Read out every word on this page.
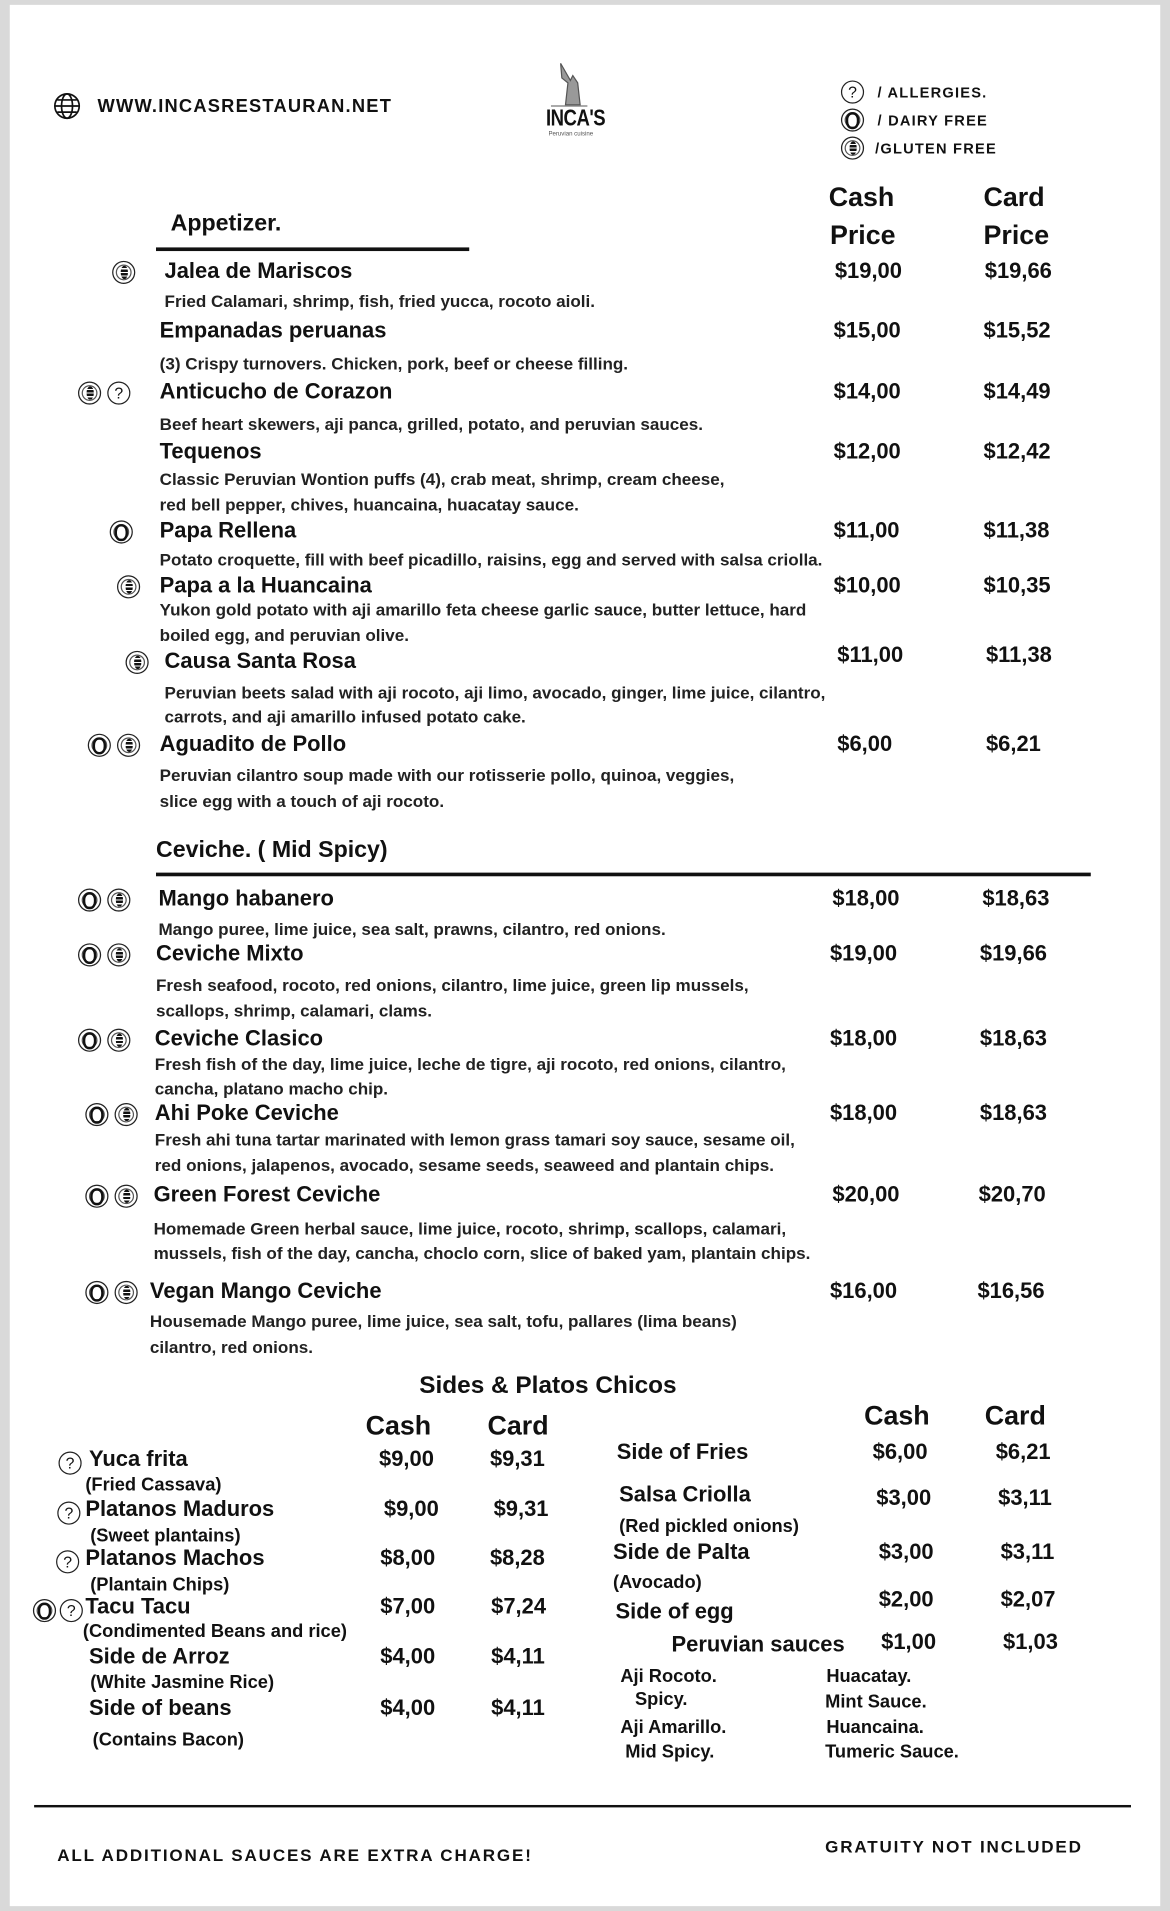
WWW.INCASRESTAURAN.NET	INCA'S
Peruvian cuisine
?	/ ALLERGIES.
/ DAIRY FREE
/GLUTEN FREE
Appetizer.
Cash
Price
Card
Price
Jalea de Mariscos
Fried Calamari, shrimp, fish, fried yucca, rocoto aioli.
$19,00	$19,66
Empanadas peruanas
(3) Crispy turnovers. Chicken, pork, beef or cheese filling.
$15,00	$15,52
?	Anticucho de Corazon
Beef heart skewers, aji panca, grilled, potato, and peruvian sauces.
$14,00	$14,49
Tequenos
Classic Peruvian Wontion puffs (4), crab meat, shrimp, cream cheese,
red bell pepper, chives, huancaina, huacatay sauce.
$12,00	$12,42
Papa Rellena
Potato croquette, fill with beef picadillo, raisins, egg and served with salsa criolla.
$11,00	$11,38
Papa a la Huancaina
Yukon gold potato with aji amarillo feta cheese garlic sauce, butter lettuce, hard
boiled egg, and peruvian olive.
$10,00	$10,35
Causa Santa Rosa
Peruvian beets salad with aji rocoto, aji limo, avocado, ginger, lime juice, cilantro,
carrots, and aji amarillo infused potato cake.
$11,00	$11,38
Aguadito de Pollo
Peruvian cilantro soup made with our rotisserie pollo, quinoa, veggies,
slice egg with a touch of aji rocoto.
$6,00	$6,21
Ceviche. ( Mid Spicy)
Mango habanero
Mango puree, lime juice, sea salt, prawns, cilantro, red onions.
$18,00	$18,63
Ceviche Mixto
Fresh seafood, rocoto, red onions, cilantro, lime juice, green lip mussels,
scallops, shrimp, calamari, clams.
$19,00	$19,66
Ceviche Clasico
Fresh fish of the day, lime juice, leche de tigre, aji rocoto, red onions, cilantro,
cancha, platano macho chip.
$18,00	$18,63
Ahi Poke Ceviche
Fresh ahi tuna tartar marinated with lemon grass tamari soy sauce, sesame oil,
red onions, jalapenos, avocado, sesame seeds, seaweed and plantain chips.
$18,00	$18,63
Green Forest Ceviche
Homemade Green herbal sauce, lime juice, rocoto, shrimp, scallops, calamari,
mussels, fish of the day, cancha, choclo corn, slice of baked yam, plantain chips.
$20,00	$20,70
Vegan Mango Ceviche
Housemade Mango puree, lime juice, sea salt, tofu, pallares (lima beans)
cilantro, red onions.
$16,00	$16,56
Sides & Platos Chicos
Cash	Card	Cash	Card
? Yuca frita
(Fried Cassava)
$9,00	$9,31
? Platanos Maduros
(Sweet plantains)
$9,00	$9,31
? Platanos Machos
(Plantain Chips)
$8,00	$8,28
? Tacu Tacu
(Condimented Beans and rice)
$7,00	$7,24
Side de Arroz
(White Jasmine Rice)
$4,00	$4,11
Side of beans
(Contains Bacon)
$4,00	$4,11
Side of Fries	$6,00	$6,21
Salsa Criolla
(Red pickled onions)
$3,00	$3,11
Side de Palta
(Avocado)
$3,00	$3,11
Side of egg	$2,00	$2,07
Peruvian sauces $1,00	$1,03
Aji Rocoto.
Spicy.
Aji Amarillo.
Mid Spicy.
Huacatay.
Mint Sauce.
Huancaina.
Tumeric Sauce.
ALL ADDITIONAL SAUCES ARE EXTRA CHARGE!	GRATUITY NOT INCLUDED
